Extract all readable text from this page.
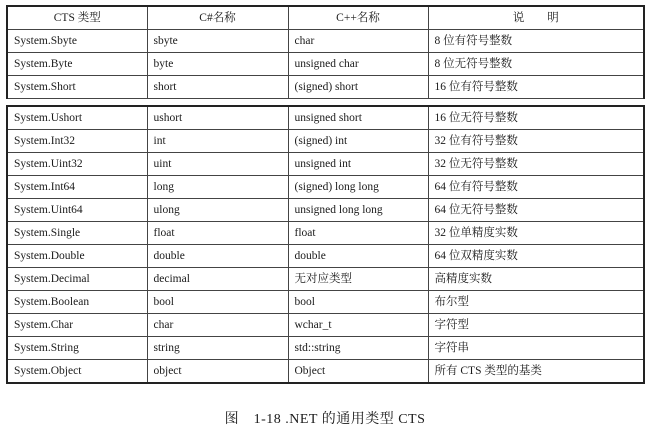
CTS 类型	C#名称	C++名称	说　　明
System.Sbyte	sbyte	char	8 位有符号整数
System.Byte	byte	unsigned char	8 位无符号整数
System.Short	short	(signed) short	16 位有符号整数
System.Ushort	ushort	unsigned short	16 位无符号整数
System.Int32	int	(signed) int	32 位有符号整数
System.Uint32	uint	unsigned int	32 位无符号整数
System.Int64	long	(signed) long long	64 位有符号整数
System.Uint64	ulong	unsigned long long	64 位无符号整数
System.Single	float	float	32 位单精度实数
System.Double	double	double	64 位双精度实数
System.Decimal	decimal	无对应类型	高精度实数
System.Boolean	bool	bool	布尔型
System.Char	char	wchar_t	字符型
System.String	string	std::string	字符串
System.Object	object	Object	所有 CTS 类型的基类
图　1-18 .NET 的通用类型 CTS
